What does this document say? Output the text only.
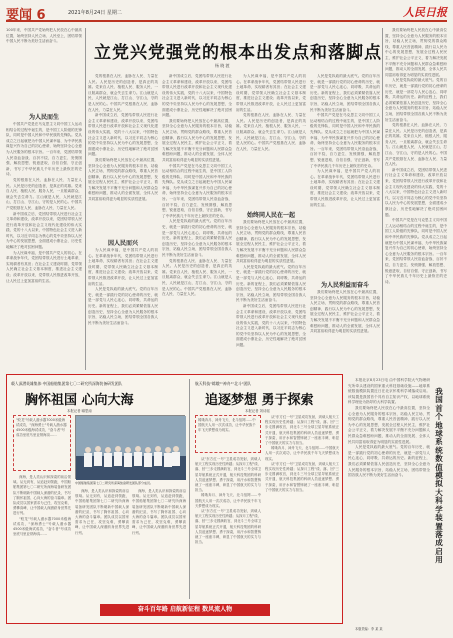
要闻 6	2021年8月24日 星期二	人民日报
100年来，中国共产党始终把人民放在心中最高位置，始终坚持人民立场、人民至上，团结带领中国人民不断为美好生活而奋斗。
为人民而生
立党兴党强党的根本出发点和落脚点
杨 晓 渡

中国共产党是在马克思主义同中国工人运动相结合的过程中诞生的，是中国工人阶级的先锋队，同时是中国人民和中华民族的先锋队。党从成立之日起就把为中国人民谋幸福、为中华民族谋复兴作为自己的初心使命，始终坚持全心全意为人民服务的根本宗旨。一百年来，党团结带领人民浴血奋战、百折不挠，自力更生、发愤图强，解放思想、锐意进取，自信自强、守正创新，书写了中华民族几千年历史上最恢宏的史诗。

党的根基在人民、血脉在人民、力量在人民。人民是历史的创造者，是真正的英雄。党来自人民、植根人民、服务人民，一旦脱离群众，就会失去生命力。江山就是人民，人民就是江山，打江山、守江山，守的是人民的心。中国共产党根基在人民、血脉在人民、力量在人民。

新中国成立后，党团结带领人民进行社会主义革命和建设，改革开放以来，党团结带领人民进行改革开放和社会主义现代化建设的伟大实践，党的十八大以来，中国特色社会主义进入新时代，以习近平同志为核心的党中央坚持以人民为中心的发展思想，全面建成小康社会，历史性地解决了绝对贫困问题。

为人民谋幸福，是中国共产党人的初心。在革命战争年代，党团结带领人民进行土地革命，实现耕者有其田；在社会主义建设时期，党带领人民确立社会主义基本制度，推进社会主义建设；改革开放以来，党带领人民推进改革开放，让人民过上更加富裕的生活。

党的根基在人民、血脉在人民、力量在人民。人民是历史的创造者，是真正的英雄。党来自人民、植根人民、服务人民，一旦脱离群众，就会失去生命力。江山就是人民，人民就是江山，打江山、守江山，守的是人民的心。中国共产党根基在人民、血脉在人民、力量在人民。

新中国成立后，党团结带领人民进行社会主义革命和建设，改革开放以来，党团结带领人民进行改革开放和社会主义现代化建设的伟大实践，党的十八大以来，中国特色社会主义进入新时代，以习近平同志为核心的党中央坚持以人民为中心的发展思想，全面建成小康社会，历史性地解决了绝对贫困问题。

我们要始终把人民放在心中最高位置，坚持全心全意为人民服务的根本宗旨，站稳人民立场，贯彻党的群众路线，尊重人民首创精神，践行以人民为中心的发展思想，发展全过程人民民主，维护社会公平正义，着力解决发展不平衡不充分问题和人民群众急难愁盼问题，推动人的全面发展、全体人民共同富裕取得更为明显的实质性进展。

因人民而兴

为人民谋幸福，是中国共产党人的初心。在革命战争年代，党团结带领人民进行土地革命，实现耕者有其田；在社会主义建设时期，党带领人民确立社会主义基本制度，推进社会主义建设；改革开放以来，党带领人民推进改革开放，让人民过上更加富裕的生活。

人民是党执政的最大底气。党的百年历史，就是一部践行党的初心使命的历史，就是一部党与人民心连心、同呼吸、共命运的历史。新的征程上，我们必须紧紧依靠人民创造历史，坚持全心全意为人民服务的根本宗旨，站稳人民立场，团结带领全国各族人民不断为美好生活而奋斗。

新中国成立后，党团结带领人民进行社会主义革命和建设，改革开放以来，党团结带领人民进行改革开放和社会主义现代化建设的伟大实践，党的十八大以来，中国特色社会主义进入新时代，以习近平同志为核心的党中央坚持以人民为中心的发展思想，全面建成小康社会，历史性地解决了绝对贫困问题。

我们要始终把人民放在心中最高位置，坚持全心全意为人民服务的根本宗旨，站稳人民立场，贯彻党的群众路线，尊重人民首创精神，践行以人民为中心的发展思想，发展全过程人民民主，维护社会公平正义，着力解决发展不平衡不充分问题和人民群众急难愁盼问题，推动人的全面发展、全体人民共同富裕取得更为明显的实质性进展。

中国共产党是在马克思主义同中国工人运动相结合的过程中诞生的，是中国工人阶级的先锋队，同时是中国人民和中华民族的先锋队。党从成立之日起就把为中国人民谋幸福、为中华民族谋复兴作为自己的初心使命，始终坚持全心全意为人民服务的根本宗旨。一百年来，党团结带领人民浴血奋战、百折不挠，自力更生、发愤图强，解放思想、锐意进取，自信自强、守正创新，书写了中华民族几千年历史上最恢宏的史诗。

人民是党执政的最大底气。党的百年历史，就是一部践行党的初心使命的历史，就是一部党与人民心连心、同呼吸、共命运的历史。新的征程上，我们必须紧紧依靠人民创造历史，坚持全心全意为人民服务的根本宗旨，站稳人民立场，团结带领全国各族人民不断为美好生活而奋斗。

党的根基在人民、血脉在人民、力量在人民。人民是历史的创造者，是真正的英雄。党来自人民、植根人民、服务人民，一旦脱离群众，就会失去生命力。江山就是人民，人民就是江山，打江山、守江山，守的是人民的心。中国共产党根基在人民、血脉在人民、力量在人民。

为人民谋幸福，是中国共产党人的初心。在革命战争年代，党团结带领人民进行土地革命，实现耕者有其田；在社会主义建设时期，党带领人民确立社会主义基本制度，推进社会主义建设；改革开放以来，党带领人民推进改革开放，让人民过上更加富裕的生活。

党的根基在人民、血脉在人民、力量在人民。人民是历史的创造者，是真正的英雄。党来自人民、植根人民、服务人民，一旦脱离群众，就会失去生命力。江山就是人民，人民就是江山，打江山、守江山，守的是人民的心。中国共产党根基在人民、血脉在人民、力量在人民。

始终同人民在一起

我们要始终把人民放在心中最高位置，坚持全心全意为人民服务的根本宗旨，站稳人民立场，贯彻党的群众路线，尊重人民首创精神，践行以人民为中心的发展思想，发展全过程人民民主，维护社会公平正义，着力解决发展不平衡不充分问题和人民群众急难愁盼问题，推动人的全面发展、全体人民共同富裕取得更为明显的实质性进展。

人民是党执政的最大底气。党的百年历史，就是一部践行党的初心使命的历史，就是一部党与人民心连心、同呼吸、共命运的历史。新的征程上，我们必须紧紧依靠人民创造历史，坚持全心全意为人民服务的根本宗旨，站稳人民立场，团结带领全国各族人民不断为美好生活而奋斗。

新中国成立后，党团结带领人民进行社会主义革命和建设，改革开放以来，党团结带领人民进行改革开放和社会主义现代化建设的伟大实践，党的十八大以来，中国特色社会主义进入新时代，以习近平同志为核心的党中央坚持以人民为中心的发展思想，全面建成小康社会，历史性地解决了绝对贫困问题。

人民是党执政的最大底气。党的百年历史，就是一部践行党的初心使命的历史，就是一部党与人民心连心、同呼吸、共命运的历史。新的征程上，我们必须紧紧依靠人民创造历史，坚持全心全意为人民服务的根本宗旨，站稳人民立场，团结带领全国各族人民不断为美好生活而奋斗。

中国共产党是在马克思主义同中国工人运动相结合的过程中诞生的，是中国工人阶级的先锋队，同时是中国人民和中华民族的先锋队。党从成立之日起就把为中国人民谋幸福、为中华民族谋复兴作为自己的初心使命，始终坚持全心全意为人民服务的根本宗旨。一百年来，党团结带领人民浴血奋战、百折不挠，自力更生、发愤图强，解放思想、锐意进取，自信自强、守正创新，书写了中华民族几千年历史上最恢宏的史诗。

为人民谋幸福，是中国共产党人的初心。在革命战争年代，党团结带领人民进行土地革命，实现耕者有其田；在社会主义建设时期，党带领人民确立社会主义基本制度，推进社会主义建设；改革开放以来，党带领人民推进改革开放，让人民过上更加富裕的生活。

为人民利益而奋斗

我们要始终把人民放在心中最高位置，坚持全心全意为人民服务的根本宗旨，站稳人民立场，贯彻党的群众路线，尊重人民首创精神，践行以人民为中心的发展思想，发展全过程人民民主，维护社会公平正义，着力解决发展不平衡不充分问题和人民群众急难愁盼问题，推动人的全面发展、全体人民共同富裕取得更为明显的实质性进展。

我们要始终把人民放在心中最高位置，坚持全心全意为人民服务的根本宗旨，站稳人民立场，贯彻党的群众路线，尊重人民首创精神，践行以人民为中心的发展思想，发展全过程人民民主，维护社会公平正义，着力解决发展不平衡不充分问题和人民群众急难愁盼问题，推动人的全面发展、全体人民共同富裕取得更为明显的实质性进展。

人民是党执政的最大底气。党的百年历史，就是一部践行党的初心使命的历史，就是一部党与人民心连心、同呼吸、共命运的历史。新的征程上，我们必须紧紧依靠人民创造历史，坚持全心全意为人民服务的根本宗旨，站稳人民立场，团结带领全国各族人民不断为美好生活而奋斗。

党的根基在人民、血脉在人民、力量在人民。人民是历史的创造者，是真正的英雄。党来自人民、植根人民、服务人民，一旦脱离群众，就会失去生命力。江山就是人民，人民就是江山，打江山、守江山，守的是人民的心。中国共产党根基在人民、血脉在人民、力量在人民。

新中国成立后，党团结带领人民进行社会主义革命和建设，改革开放以来，党团结带领人民进行改革开放和社会主义现代化建设的伟大实践，党的十八大以来，中国特色社会主义进入新时代，以习近平同志为核心的党中央坚持以人民为中心的发展思想，全面建成小康社会，历史性地解决了绝对贫困问题。

中国共产党是在马克思主义同中国工人运动相结合的过程中诞生的，是中国工人阶级的先锋队，同时是中国人民和中华民族的先锋队。党从成立之日起就把为中国人民谋幸福、为中华民族谋复兴作为自己的初心使命，始终坚持全心全意为人民服务的根本宗旨。一百年来，党团结带领人民浴血奋战、百折不挠，自力更生、发愤图强，解放思想、锐意进取，自信自强、守正创新，书写了中华民族几千年历史上最恢宏的史诗。

载人深潜英雄集体·中国船舶集团第七〇二研究所深海装备研发团队
胸怀祖国 心向大海
本报记者 喻思南
"蛟龙"号载人潜水器7000米级海试成功，"深海勇士"号载人潜水器4500米级海试成功，"奋斗者"号成功坐底马里亚纳海沟……
中国船舶集团第七〇二研究所深海装备研发团队部分成员。

深海，是人类认识和探索的前沿领域。从无到有，从追赶到领跑，中国船舶集团第七〇二研究所深海装备研发团队不断刷新中国载人深潜的纪录，书写了胸怀祖国、心向大海的奋斗篇章。团队成员以国家需求为己任，攻坚克难，勇攀高峰，让中国载人深潜跻身世界先进行列。

"蛟龙"号载人潜水器7000米级海试成功，"深海勇士"号载人潜水器4500米级海试成功，"奋斗者"号成功坐底马里亚纳海沟……

深海，是人类认识和探索的前沿领域。从无到有，从追赶到领跑，中国船舶集团第七〇二研究所深海装备研发团队不断刷新中国载人深潜的纪录，书写了胸怀祖国、心向大海的奋斗篇章。团队成员以国家需求为己任，攻坚克难，勇攀高峰，让中国载人深潜跻身世界先进行列。

深海，是人类认识和探索的前沿领域。从无到有，从追赶到领跑，中国船舶集团第七〇二研究所深海装备研发团队不断刷新中国载人深潜的纪录，书写了胸怀祖国、心向大海的奋斗篇章。团队成员以国家需求为己任，攻坚克难，勇攀高峰，让中国载人深潜跻身世界先进行列。

航天科技"嫦娥""神舟""北斗"团队
追逐梦想 勇于探索
本报记者 刘诗瑶
嫦娥奔月、神舟飞天、北斗组网……中国航天人用一次次成功，让中华民族千年飞天梦想成为现实。

从"东方红一号"卫星成功发射，到载人航天工程实现历史性跨越；从探月工程"绕、落、回"三步走圆满收官，到北斗三号全球卫星导航系统正式开通，航天科技集团的科研人员追逐梦想、勇于探索，用汗水和智慧铸就了一座座丰碑，彰显了中国航天的实力与担当。

嫦娥奔月、神舟飞天、北斗组网……中国航天人用一次次成功，让中华民族千年飞天梦想成为现实。

从"东方红一号"卫星成功发射，到载人航天工程实现历史性跨越；从探月工程"绕、落、回"三步走圆满收官，到北斗三号全球卫星导航系统正式开通，航天科技集团的科研人员追逐梦想、勇于探索，用汗水和智慧铸就了一座座丰碑，彰显了中国航天的实力与担当。

从"东方红一号"卫星成功发射，到载人航天工程实现历史性跨越；从探月工程"绕、落、回"三步走圆满收官，到北斗三号全球卫星导航系统正式开通，航天科技集团的科研人员追逐梦想、勇于探索，用汗水和智慧铸就了一座座丰碑，彰显了中国航天的实力与担当。

嫦娥奔月、神舟飞天、北斗组网……中国航天人用一次次成功，让中华民族千年飞天梦想成为现实。

从"东方红一号"卫星成功发射，到载人航天工程实现历史性跨越；从探月工程"绕、落、回"三步走圆满收官，到北斗三号全球卫星导航系统正式开通，航天科技集团的科研人员追逐梦想、勇于探索，用汗水和智慧铸就了一座座丰碑，彰显了中国航天的实力与担当。

奋斗百年路 启航新征程 数风流人物

本报北京8月23日电 由中国科学院大气物理研究所牵头建设的国家重大科技基础设施——地球系统数值模拟装置近日在北京怀柔科学城落成启用。该装置是我国首个具有自主知识产权、以地球系统科学理论为指导的大科学装置。

我们要始终把人民放在心中最高位置，坚持全心全意为人民服务的根本宗旨，站稳人民立场，贯彻党的群众路线，尊重人民首创精神，践行以人民为中心的发展思想，发展全过程人民民主，维护社会公平正义，着力解决发展不平衡不充分问题和人民群众急难愁盼问题，推动人的全面发展、全体人民共同富裕取得更为明显的实质性进展。

人民是党执政的最大底气。党的百年历史，就是一部践行党的初心使命的历史，就是一部党与人民心连心、同呼吸、共命运的历史。新的征程上，我们必须紧紧依靠人民创造历史，坚持全心全意为人民服务的根本宗旨，站稳人民立场，团结带领全国各族人民不断为美好生活而奋斗。

我国首个地球系统数值模拟大科学装置落成启用
本版责编：李 某 某
